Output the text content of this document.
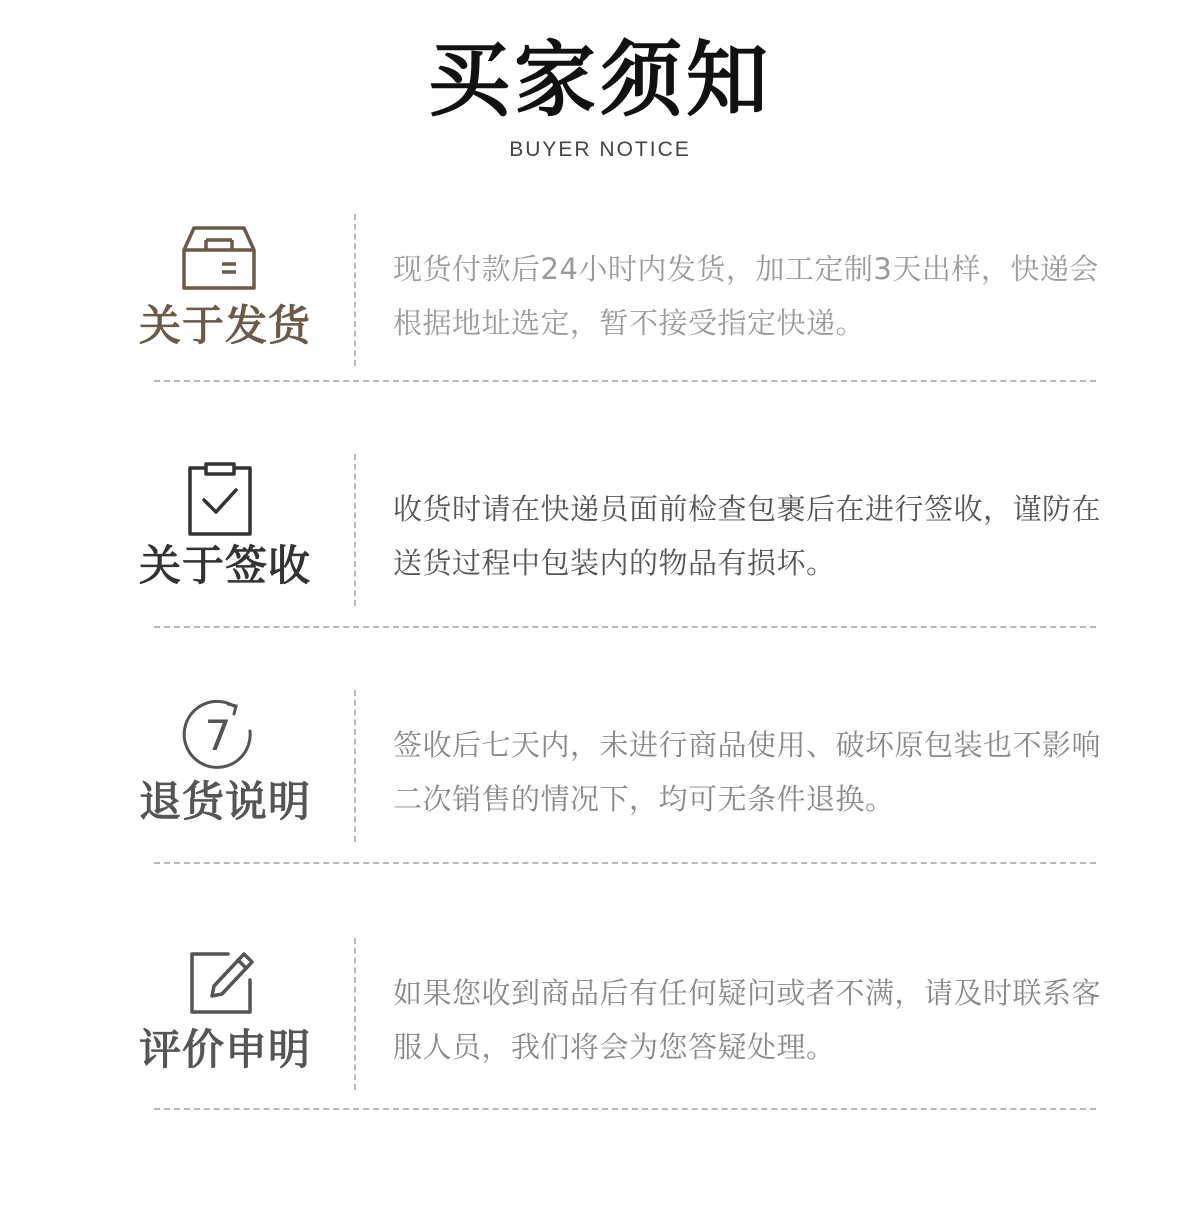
买家须知
BUYER NOTICE
关于发货
现货付款后24小时内发货，加工定制3天出样，快递会根据地址选定，暂不接受指定快递。
关于签收
收货时请在快递员面前检查包裹后在进行签收，谨防在送货过程中包装内的物品有损坏。
7
退货说明
签收后七天内，未进行商品使用、破坏原包装也不影响二次销售的情况下，均可无条件退换。
评价申明
如果您收到商品后有任何疑问或者不满，请及时联系客服人员，我们将会为您答疑处理。
